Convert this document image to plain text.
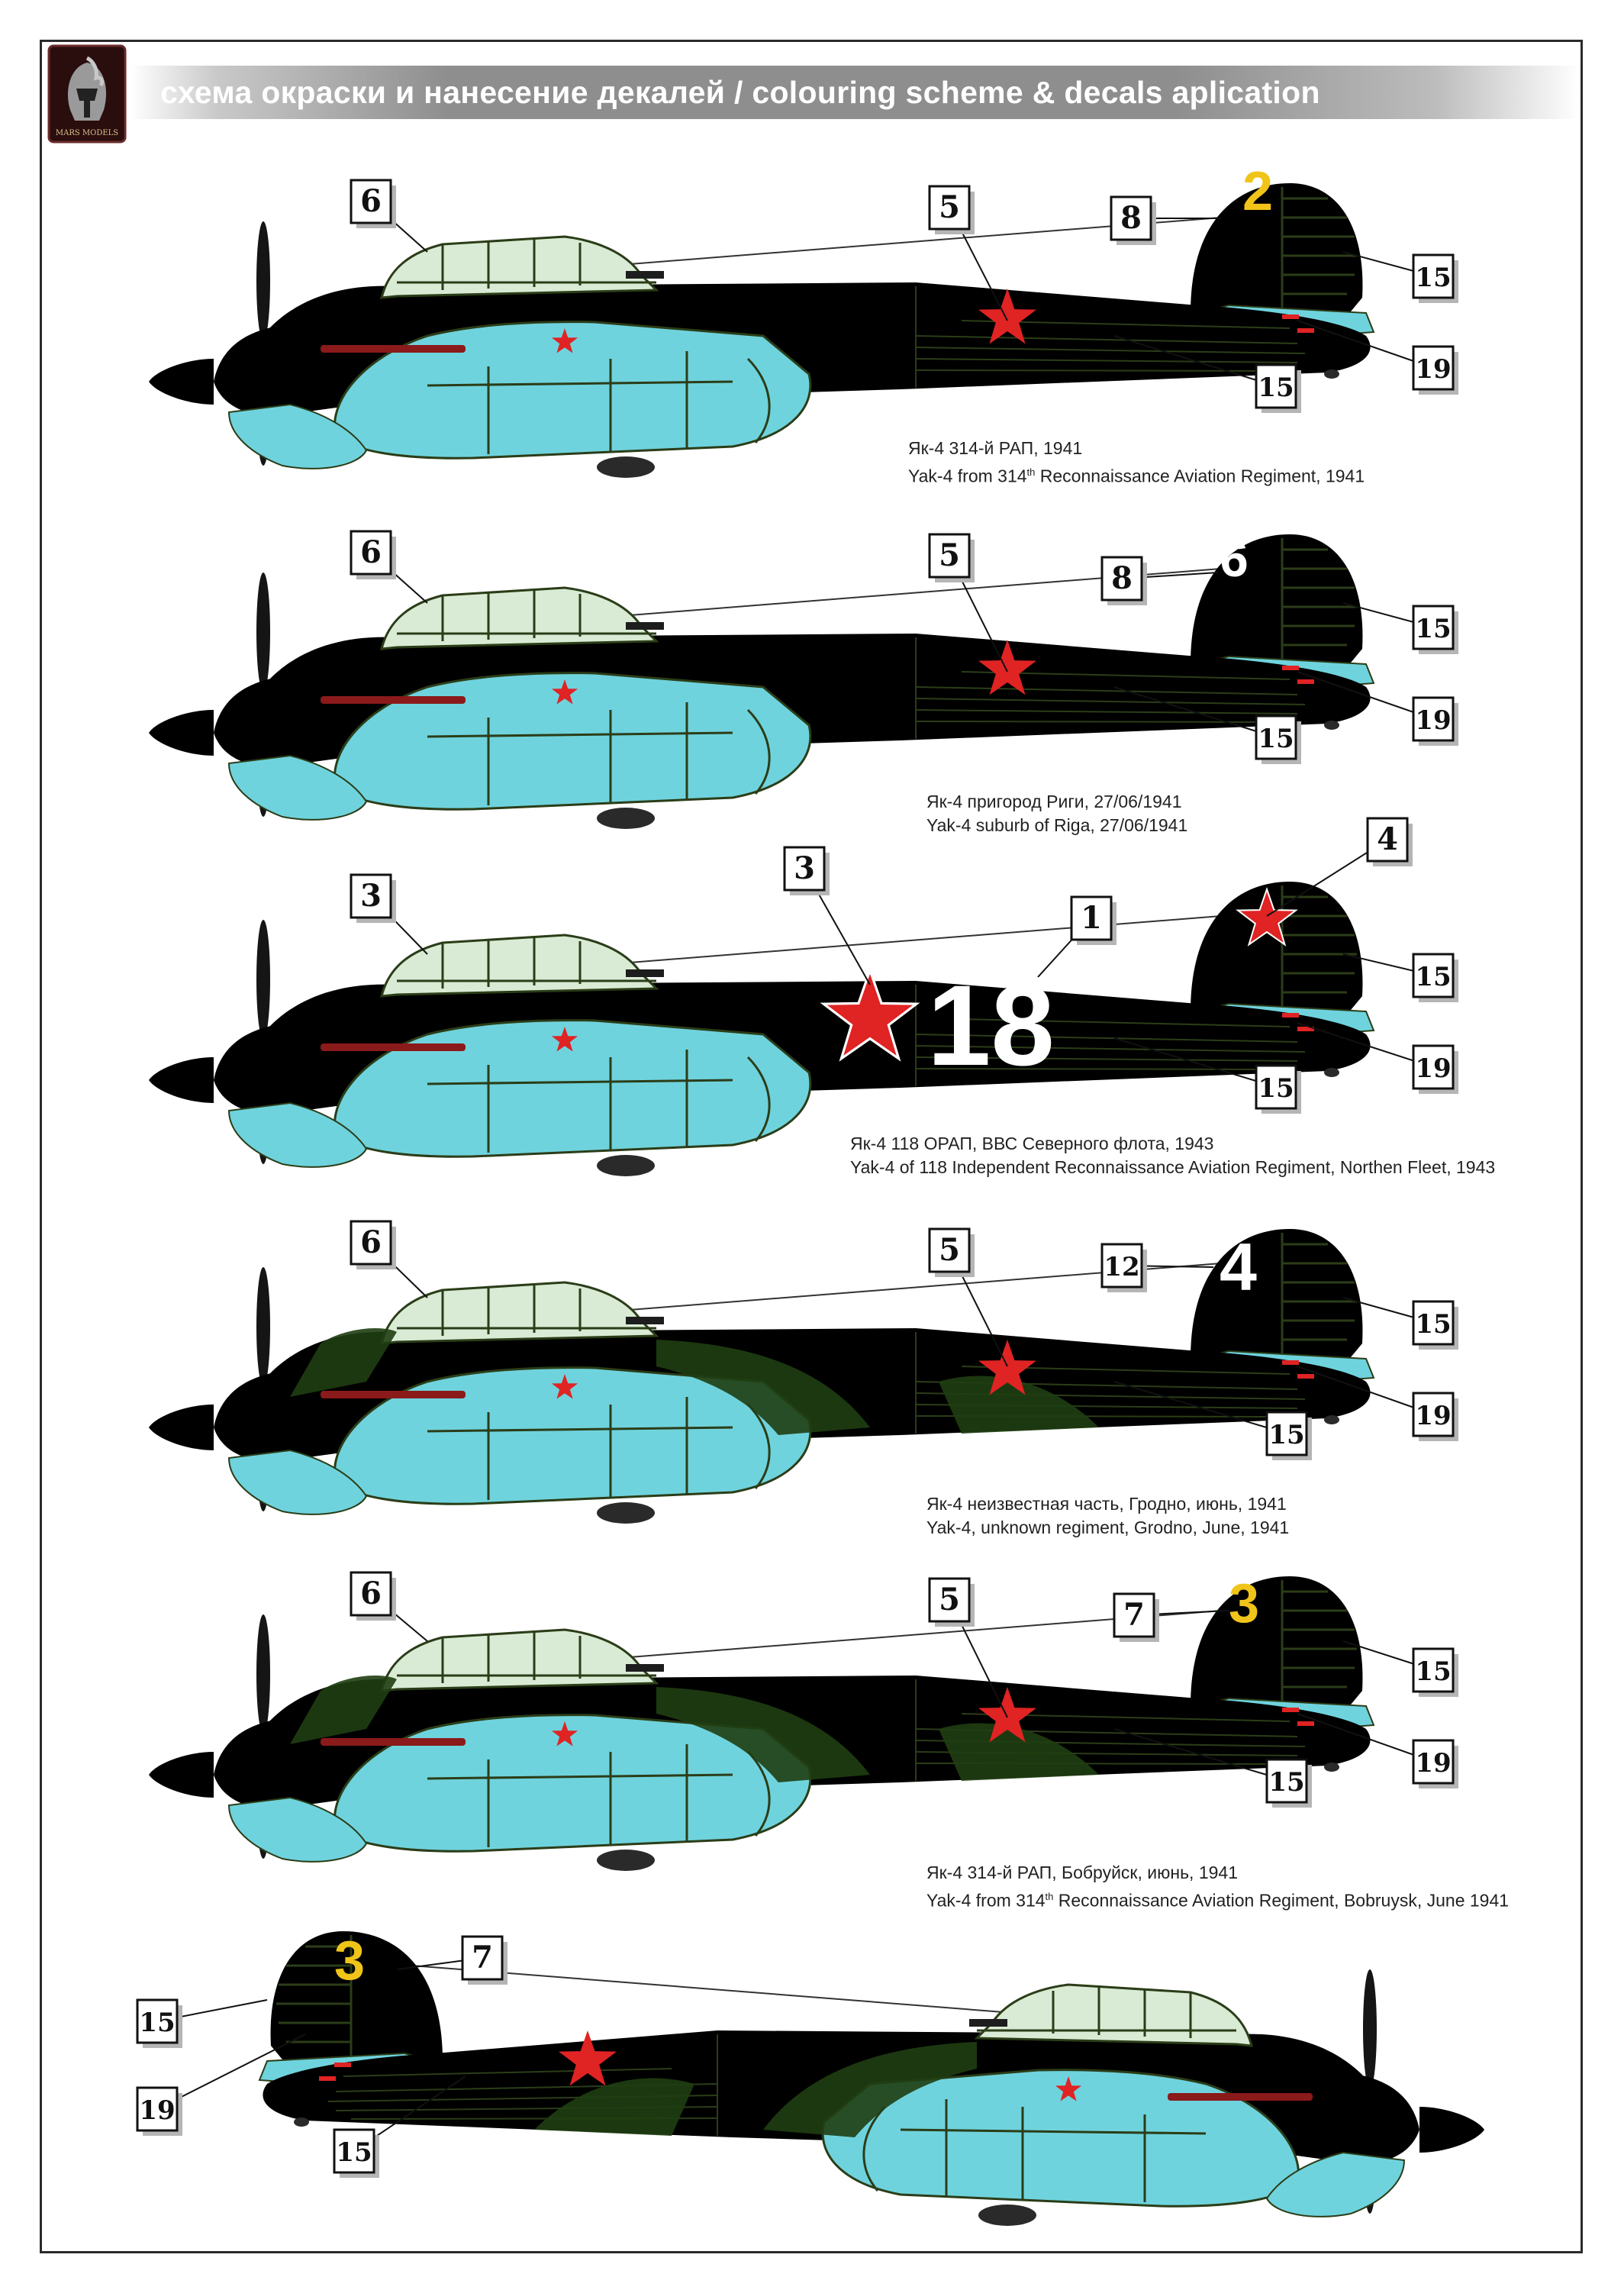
MARS MODELS
схема окраски и нанесение декалей / colouring scheme & decals aplication
2
6
18
4
3
3
6	5	8
15
19
15
6	5
8
15
19
15
3
3
1
4
15
19
15
6	5	12
15
19
15
6	5	7
15
19
15
7
15
19
15
Як-4 314-й РАП, 1941
Yak-4 from 314th Reconnaissance Aviation Regiment, 1941
Як-4 пригород Риги, 27/06/1941
Yak-4 suburb of Riga, 27/06/1941
Як-4 118 ОРАП, ВВС Северного флота, 1943
Yak-4 of 118 Independent Reconnaissance Aviation Regiment, Northen Fleet, 1943
Як-4 неизвестная часть, Гродно, июнь, 1941
Yak-4, unknown regiment, Grodno, June, 1941
Як-4 314-й РАП, Бобруйск, июнь, 1941
Yak-4 from 314th Reconnaissance Aviation Regiment, Bobruysk, June 1941
